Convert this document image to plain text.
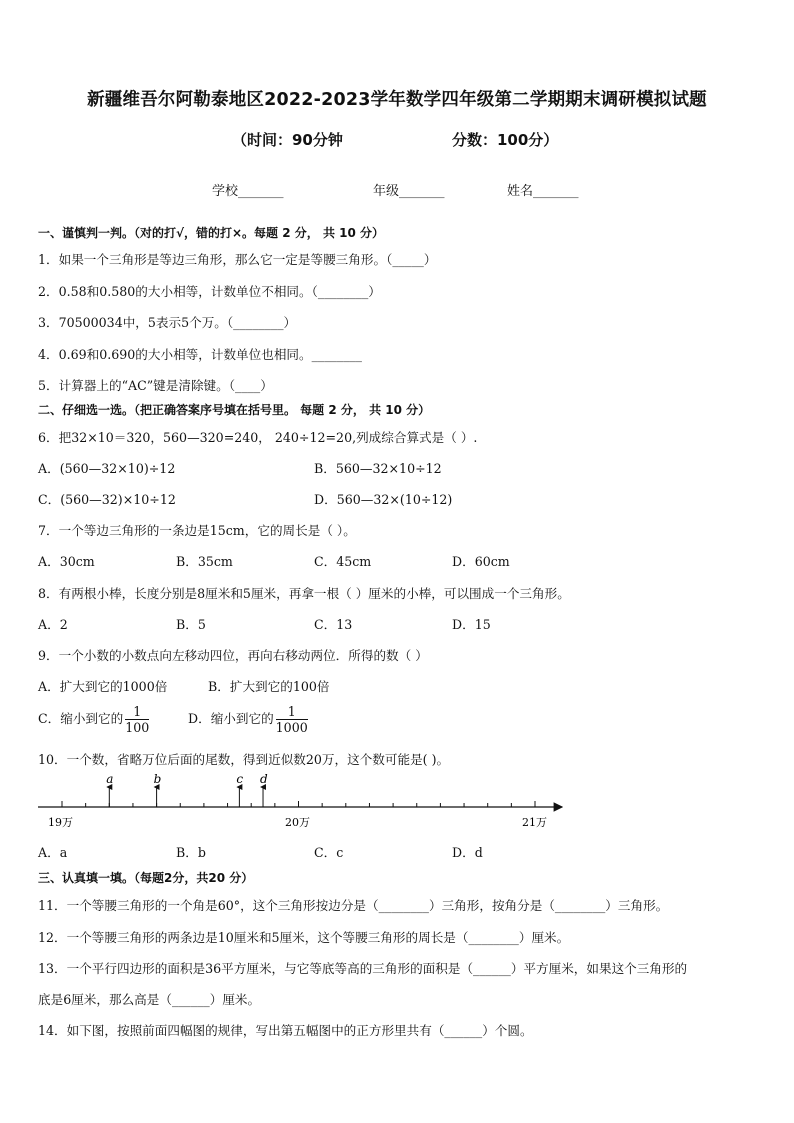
新疆维吾尔阿勒泰地区2022-2023学年数学四年级第二学期期末调研模拟试题
（时间：90分钟	分数：100分）
学校_______	年级_______	姓名_______
一、谨慎判一判。（对的打√，错的打×。每题 2 分， 共 10 分）
1．如果一个三角形是等边三角形，那么它一定是等腰三角形。（_____）
2．0.58和0.580的大小相等，计数单位不相同。（________）
3．70500034中，5表示5个万。（________）
4．0.69和0.690的大小相等，计数单位也相同。________
5．计算器上的“AC”键是清除键。（____）
二、仔细选一选。（把正确答案序号填在括号里。 每题 2 分， 共 10 分）
6．把32×10＝320，560—320=240， 240÷12=20,列成综合算式是（ ）.
A．(560—32×10)÷12	B．560—32×10÷12
C．(560—32)×10÷12	D．560—32×(10÷12)
7．一个等边三角形的一条边是15cm，它的周长是（ ）。
A．30cm	B．35cm	C．45cm	D．60cm
8．有两根小棒，长度分别是8厘米和5厘米，再拿一根（ ）厘米的小棒，可以围成一个三角形。
A．2	B．5	C．13	D．15
9．一个小数的小数点向左移动四位，再向右移动两位．所得的数（ ）
A．扩大到它的1000倍	B．扩大到它的100倍
C．缩小到它的 $\frac{1}{100}$	D．缩小到它的 $\frac{1}{1000}$
10．一个数，省略万位后面的尾数，得到近似数20万，这个数可能是( )。
a	b	c d
19万	20万	21万
A．a	B．b	C．c	D．d
三、认真填一填。（每题2分，共20 分）
11．一个等腰三角形的一个角是60°，这个三角形按边分是（________）三角形，按角分是（________）三角形。
12．一个等腰三角形的两条边是10厘米和5厘米，这个等腰三角形的周长是（________）厘米。
13．一个平行四边形的面积是36平方厘米，与它等底等高的三角形的面积是（______）平方厘米，如果这个三角形的
底是6厘米，那么高是（______）厘米。
14．如下图，按照前面四幅图的规律，写出第五幅图中的正方形里共有（______）个圆。
